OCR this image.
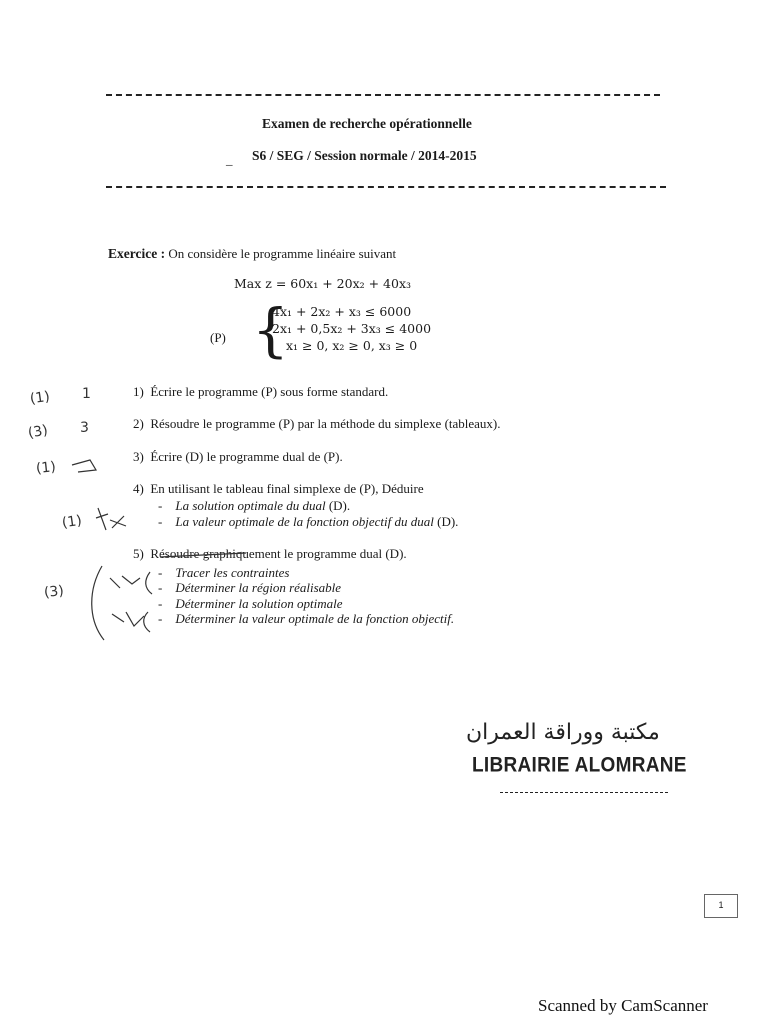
Examen de recherche opérationnelle
_ S6 / SEG / Session normale / 2014-2015
Exercice : On considère le programme linéaire suivant
Max z = 60x₁ + 20x₂ + 40x₃
(P) {
4x₁ + 2x₂ + x₃ ≤ 6000
2x₁ + 0,5x₂ + 3x₃ ≤ 4000
x₁ ≥ 0, x₂ ≥ 0, x₃ ≥ 0
1) Écrire le programme (P) sous forme standard.
2) Résoudre le programme (P) par la méthode du simplexe (tableaux).
3) Écrire (D) le programme dual de (P).
4) En utilisant le tableau final simplexe de (P), Déduire
- La solution optimale du dual (D).
- La valeur optimale de la fonction objectif du dual (D).
5) Résoudre graphiquement le programme dual (D).
- Tracer les contraintes
- Déterminer la région réalisable
- Déterminer la solution optimale
- Déterminer la valeur optimale de la fonction objectif.
(1) 1
(3) 3
(1)
(1)
(3)
مكتبة ووراقة العمران
LIBRAIRIE ALOMRANE
1
Scanned by CamScanner
